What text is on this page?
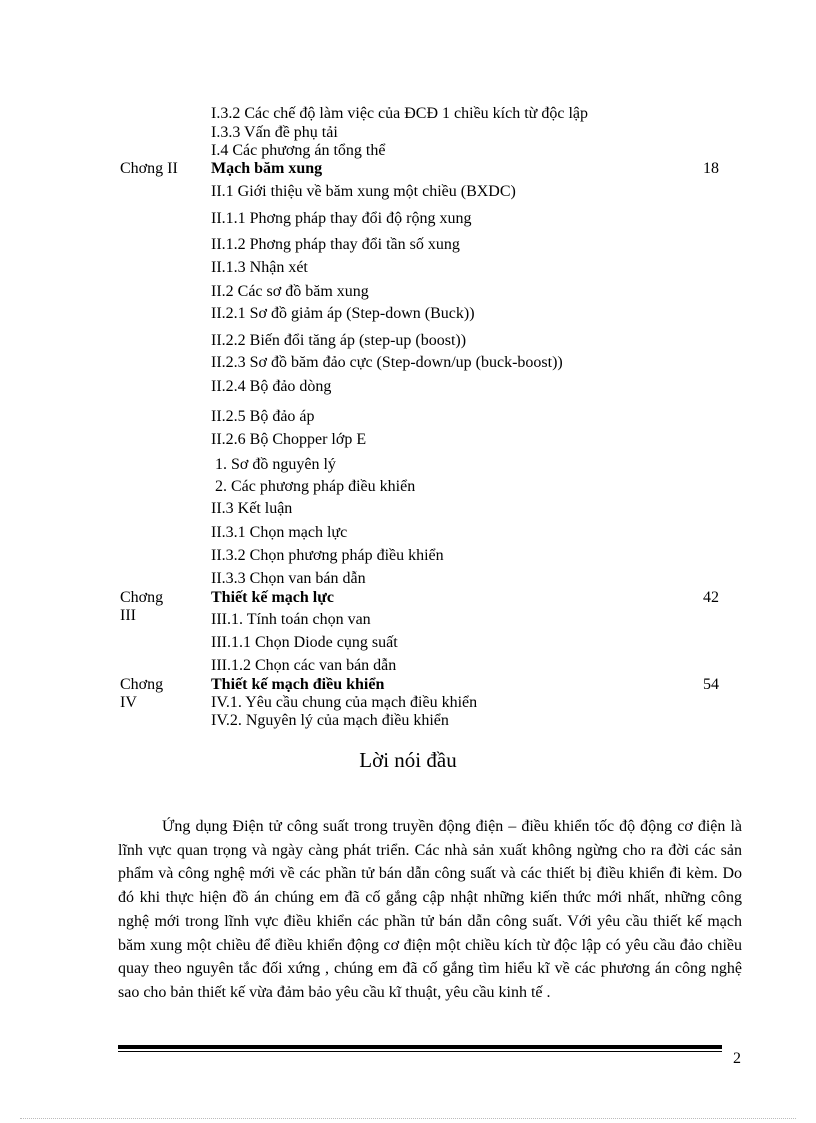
I.3.2 Các chế độ làm việc của ĐCĐ 1 chiều kích từ độc lập
I.3.3 Vấn đề phụ tải
I.4 Các phương án tổng thể
Chơng II Mạch băm xung	18
II.1 Giới thiệu về băm xung một chiều (BXDC)
II.1.1 Phơng pháp thay đổi độ rộng xung
II.1.2 Phơng pháp thay đổi tần số xung
II.1.3 Nhận xét
II.2 Các sơ đồ băm xung
II.2.1 Sơ đồ giảm áp (Step-down (Buck))
II.2.2 Biến đổi tăng áp (step-up (boost))
II.2.3 Sơ đồ băm đảo cực (Step-down/up (buck-boost))
II.2.4 Bộ đảo dòng
II.2.5 Bộ đảo áp
II.2.6 Bộ Chopper lớp E
1. Sơ đồ nguyên lý
2. Các phương pháp điều khiển
II.3 Kết luận
II.3.1 Chọn mạch lực
II.3.2 Chọn phương pháp điều khiển
II.3.3 Chọn van bán dẫn
Chơng
III
Thiết kế mạch lực	42
III.1. Tính toán chọn van
III.1.1 Chọn Diode cụng suất
III.1.2 Chọn các van bán dẫn
Chơng
IV
Thiết kế mạch điều khiển	54
IV.1. Yêu cầu chung của mạch điều khiển
IV.2. Nguyên lý của mạch điều khiển
Lời nói đầu
Ứng dụng Điện tử công suất trong truyền động điện – điều khiển tốc độ động cơ điện là lĩnh vực quan trọng và ngày càng phát triển. Các nhà sản xuất không ngừng cho ra đời các sản phẩm và công nghệ mới về các phần tử bán dẫn công suất và các thiết bị điều khiển đi kèm. Do đó khi thực hiện đồ án chúng em đã cố gắng cập nhật những kiến thức mới nhất, những công nghệ mới trong lĩnh vực điều khiển các phần tử bán dẫn công suất. Với yêu cầu thiết kế mạch băm xung một chiều để điều khiển động cơ điện một chiều kích từ độc lập có yêu cầu đảo chiều quay theo nguyên tắc đối xứng , chúng em đã cố gắng tìm hiểu kĩ về các phương án công nghệ sao cho bản thiết kế vừa đảm bảo yêu cầu kĩ thuật, yêu cầu kinh tế .
2
